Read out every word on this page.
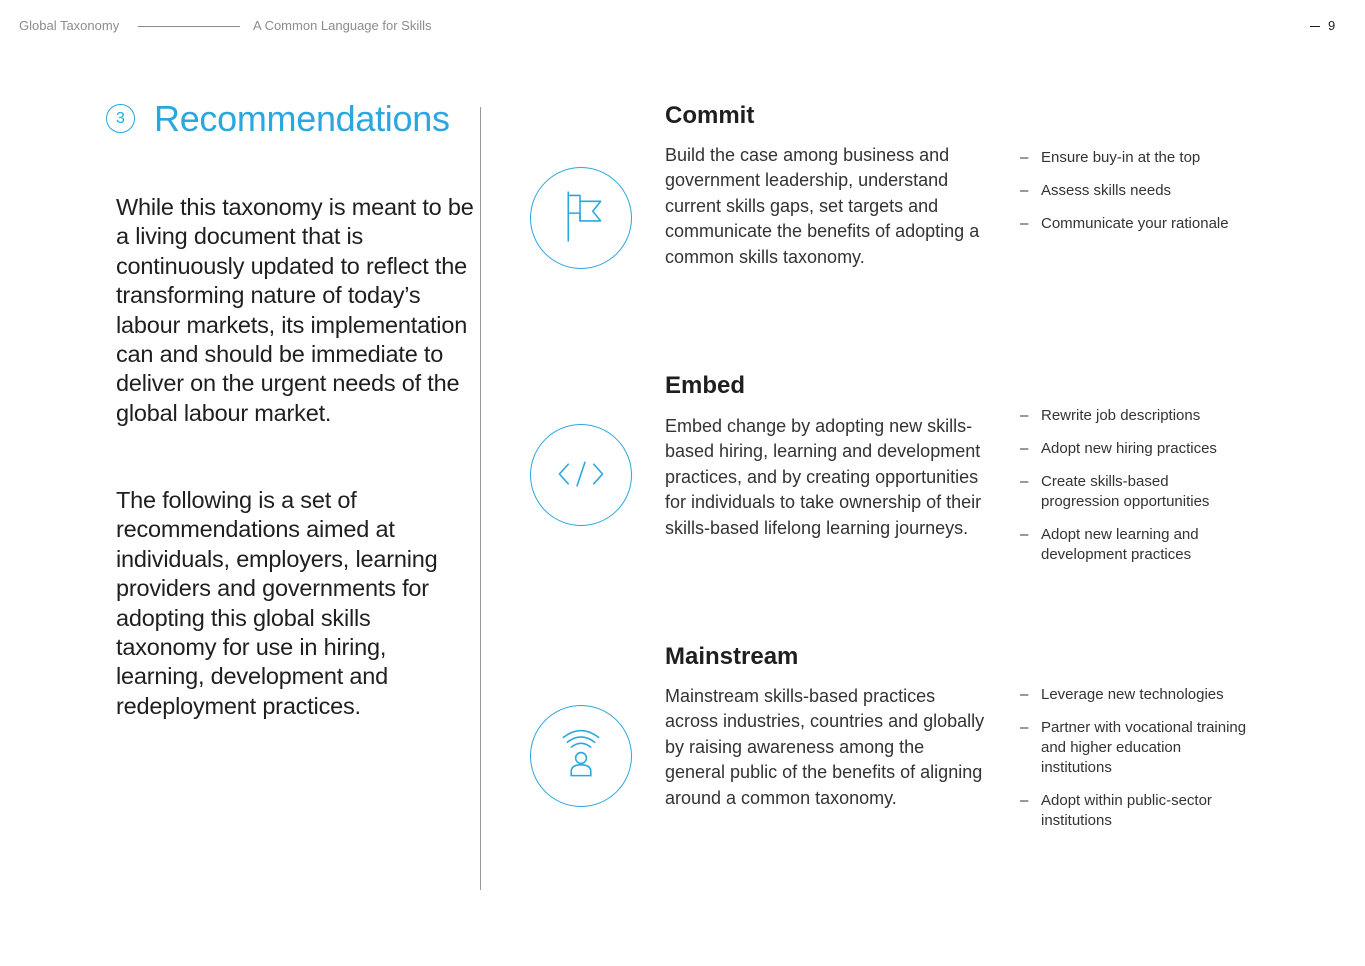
Global Taxonomy	A Common Language for Skills	9
3 Recommendations

While this taxonomy is meant to be a living document that is continuously updated to reflect the transforming nature of today’s labour markets, its implementation can and should be immediate to deliver on the urgent needs of the global labour market.

The following is a set of recommendations aimed at individuals, employers, learning providers and governments for adopting this global skills taxonomy for use in hiring, learning, development and redeployment practices.

Commit

Build the case among business and government leadership, understand current skills gaps, set targets and communicate the benefits of adopting a common skills taxonomy.

– Ensure buy-in at the top
– Assess skills needs
– Communicate your rationale
Embed

Embed change by adopting new skills-based hiring, learning and development practices, and by creating opportunities for individuals to take ownership of their skills-based lifelong learning journeys.

– Rewrite job descriptions
– Adopt new hiring practices
– Create skills-based progression opportunities
– Adopt new learning and development practices
Mainstream

Mainstream skills-based practices across industries, countries and globally by raising awareness among the general public of the benefits of aligning around a common taxonomy.

– Leverage new technologies
– Partner with vocational training and higher education institutions
– Adopt within public-sector institutions
